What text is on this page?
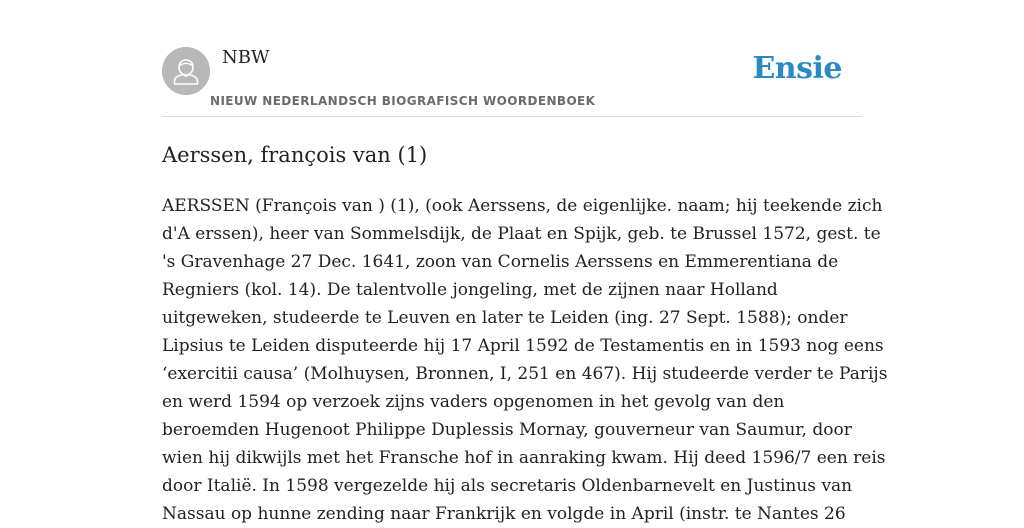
NBW
NIEUW NEDERLANDSCH BIOGRAFISCH WOORDENBOEK
Ensie
Aerssen, françois van (1)
AERSSEN (François van ) (1), (ook Aerssens, de eigenlijke. naam; hij teekende zich
d'A erssen), heer van Sommelsdijk, de Plaat en Spijk, geb. te Brussel 1572, gest. te
's Gravenhage 27 Dec. 1641, zoon van Cornelis Aerssens en Emmerentiana de
Regniers (kol. 14). De talentvolle jongeling, met de zijnen naar Holland
uitgeweken, studeerde te Leuven en later te Leiden (ing. 27 Sept. 1588); onder
Lipsius te Leiden disputeerde hij 17 April 1592 de Testamentis en in 1593 nog eens
‘exercitii causa’ (Molhuysen, Bronnen, I, 251 en 467). Hij studeerde verder te Parijs
en werd 1594 op verzoek zijns vaders opgenomen in het gevolg van den
beroemden Hugenoot Philippe Duplessis Mornay, gouverneur van Saumur, door
wien hij dikwijls met het Fransche hof in aanraking kwam. Hij deed 1596/7 een reis
door Italië. In 1598 vergezelde hij als secretaris Oldenbarnevelt en Justinus van
Nassau op hunne zending naar Frankrijk en volgde in April (instr. te Nantes 26
